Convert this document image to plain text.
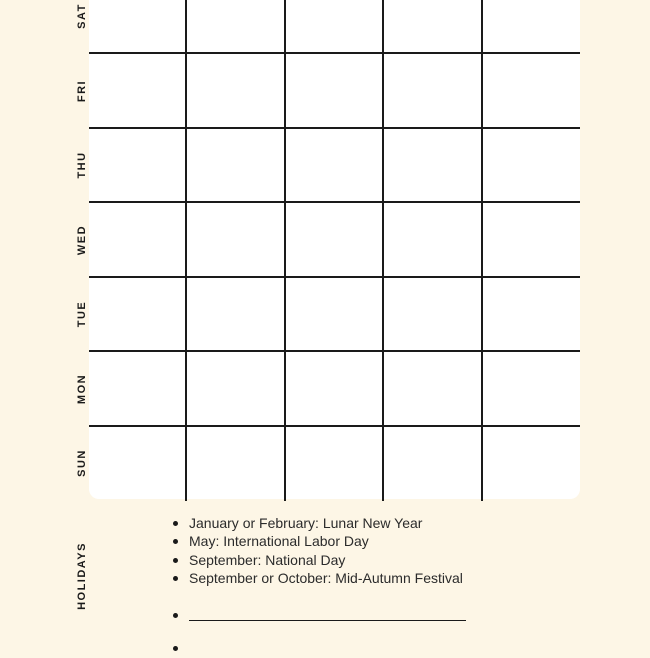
SAT
FRI
THU
WED
TUE
MON
SUN
HOLIDAYS
January or February: Lunar New Year
May: International Labor Day
September: National Day
September or October: Mid-Autumn Festival
